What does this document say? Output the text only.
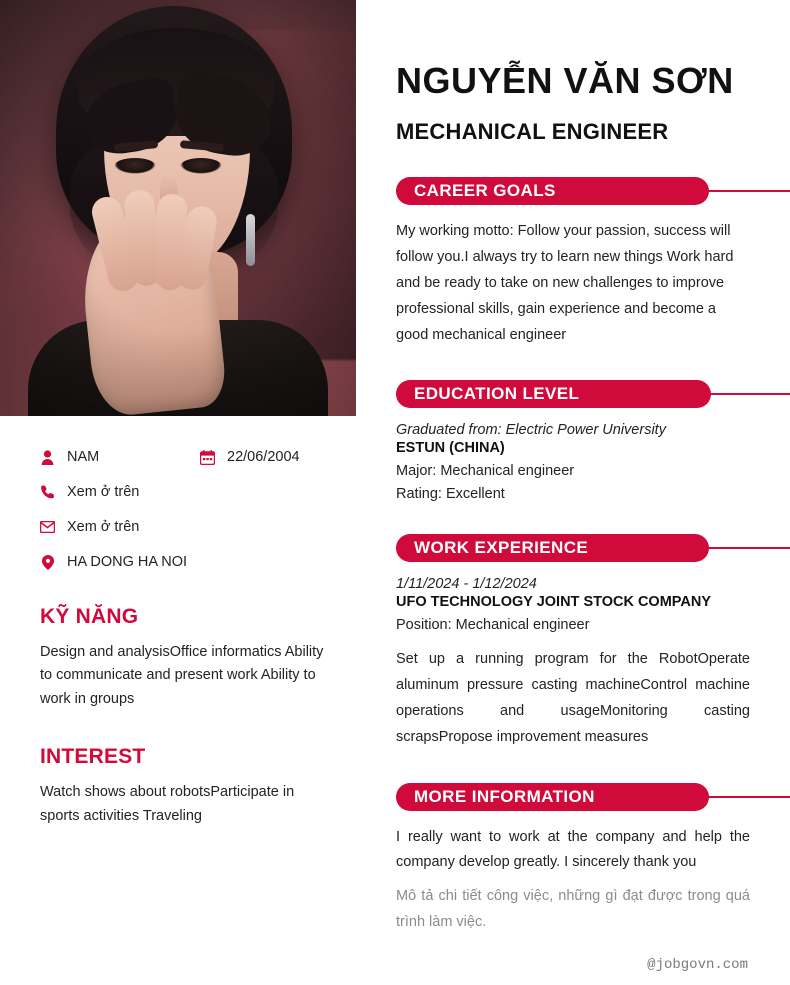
NAM	22/06/2004
Xem ở trên
Xem ở trên
HA DONG HA NOI
KỸ NĂNG
Design and analysisOffice informatics Ability to communicate and present work Ability to work in groups
INTEREST
Watch shows about robotsParticipate in sports activities Traveling
NGUYỄN VĂN SƠN
MECHANICAL ENGINEER
CAREER GOALS

My working motto: Follow your passion, success will follow you.I always try to learn new things Work hard and be ready to take on new challenges to improve professional skills, gain experience and become a good mechanical engineer

EDUCATION LEVEL
Graduated from: Electric Power University
ESTUN (CHINA)
Major: Mechanical engineer
Rating: Excellent
WORK EXPERIENCE
1/11/2024 - 1/12/2024
UFO TECHNOLOGY JOINT STOCK COMPANY
Position: Mechanical engineer

Set up a running program for the RobotOperate aluminum pressure casting machineControl machine operations and usageMonitoring casting scrapsPropose improvement measures

MORE INFORMATION

I really want to work at the company and help the company develop greatly. I sincerely thank you

Mô tả chi tiết công việc, những gì đạt được trong quá trình làm việc.

@jobgovn.com
